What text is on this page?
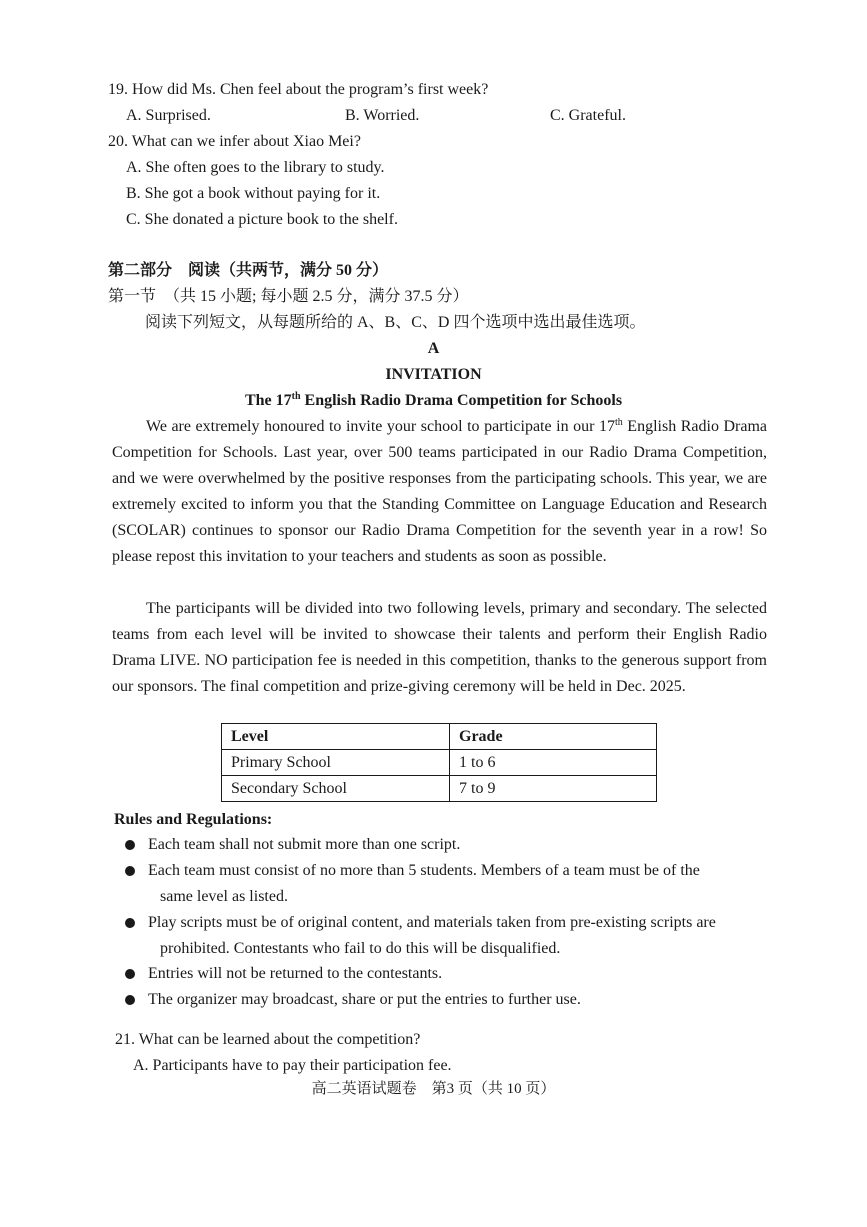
19. How did Ms. Chen feel about the program’s first week?
A. Surprised.	B. Worried.	C. Grateful.
20. What can we infer about Xiao Mei?
A. She often goes to the library to study.
B. She got a book without paying for it.
C. She donated a picture book to the shelf.
第二部分　阅读（共两节，满分 50 分）
第一节　（共 15 小题; 每小题 2.5 分，满分 37.5 分）
阅读下列短文，从每题所给的 A、B、C、D 四个选项中选出最佳选项。
A
INVITATION
The 17th English Radio Drama Competition for Schools
We are extremely honoured to invite your school to participate in our 17th English Radio Drama Competition for Schools. Last year, over 500 teams participated in our Radio Drama Competition, and we were overwhelmed by the positive responses from the participating schools. This year, we are extremely excited to inform you that the Standing Committee on Language Education and Research (SCOLAR) continues to sponsor our Radio Drama Competition for the seventh year in a row! So please repost this invitation to your teachers and students as soon as possible.
The participants will be divided into two following levels, primary and secondary. The selected teams from each level will be invited to showcase their talents and perform their English Radio Drama LIVE. NO participation fee is needed in this competition, thanks to the generous support from our sponsors. The final competition and prize-giving ceremony will be held in Dec. 2025.
Level	Grade
Primary School	1 to 6
Secondary School	7 to 9
Rules and Regulations:
Each team shall not submit more than one script.
Each team must consist of no more than 5 students. Members of a team must be of the
same level as listed.
Play scripts must be of original content, and materials taken from pre-existing scripts are
prohibited. Contestants who fail to do this will be disqualified.
Entries will not be returned to the contestants.
The organizer may broadcast, share or put the entries to further use.
21. What can be learned about the competition?
A. Participants have to pay their participation fee.
高二英语试题卷　第3 页（共 10 页）
